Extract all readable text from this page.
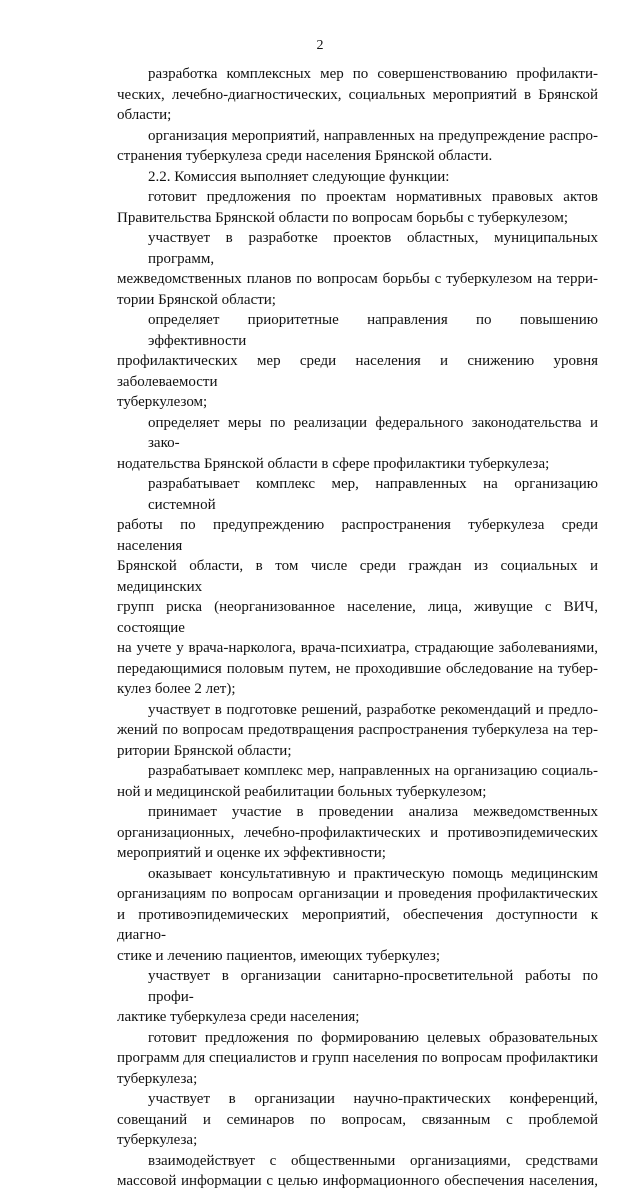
2

разработка комплексных мер по совершенствованию профилакти-
ческих, лечебно-диагностических, социальных мероприятий в Брянской
области;

организация мероприятий, направленных на предупреждение распро-
странения туберкулеза среди населения Брянской области.

2.2. Комиссия выполняет следующие функции:

готовит предложения по проектам нормативных правовых актов
Правительства Брянской области по вопросам борьбы с туберкулезом;

участвует в разработке проектов областных, муниципальных программ,
межведомственных планов по вопросам борьбы с туберкулезом на терри-
тории Брянской области;

определяет приоритетные направления по повышению эффективности
профилактических мер среди населения и снижению уровня заболеваемости
туберкулезом;

определяет меры по реализации федерального законодательства и зако-
нодательства Брянской области в сфере профилактики туберкулеза;

разрабатывает комплекс мер, направленных на организацию системной
работы по предупреждению распространения туберкулеза среди населения
Брянской области, в том числе среди граждан из социальных и медицинских
групп риска (неорганизованное население, лица, живущие с ВИЧ, состоящие
на учете у врача-нарколога, врача-психиатра, страдающие заболеваниями,
передающимися половым путем, не проходившие обследование на тубер-
кулез более 2 лет);

участвует в подготовке решений, разработке рекомендаций и предло-
жений по вопросам предотвращения распространения туберкулеза на тер-
ритории Брянской области;

разрабатывает комплекс мер, направленных на организацию социаль-
ной и медицинской реабилитации больных туберкулезом;

принимает участие в проведении анализа межведомственных
организационных, лечебно-профилактических и противоэпидемических
мероприятий и оценке их эффективности;

оказывает консультативную и практическую помощь медицинским
организациям по вопросам организации и проведения профилактических
и противоэпидемических мероприятий, обеспечения доступности к диагно-
стике и лечению пациентов, имеющих туберкулез;

участвует в организации санитарно-просветительной работы по профи-
лактике туберкулеза среди населения;

готовит предложения по формированию целевых образовательных
программ для специалистов и групп населения по вопросам профилактики
туберкулеза;

участвует в организации научно-практических конференций,
совещаний и семинаров по вопросам, связанным с проблемой туберкулеза;

взаимодействует с общественными организациями, средствами
массовой информации с целью информационного обеспечения населения,
